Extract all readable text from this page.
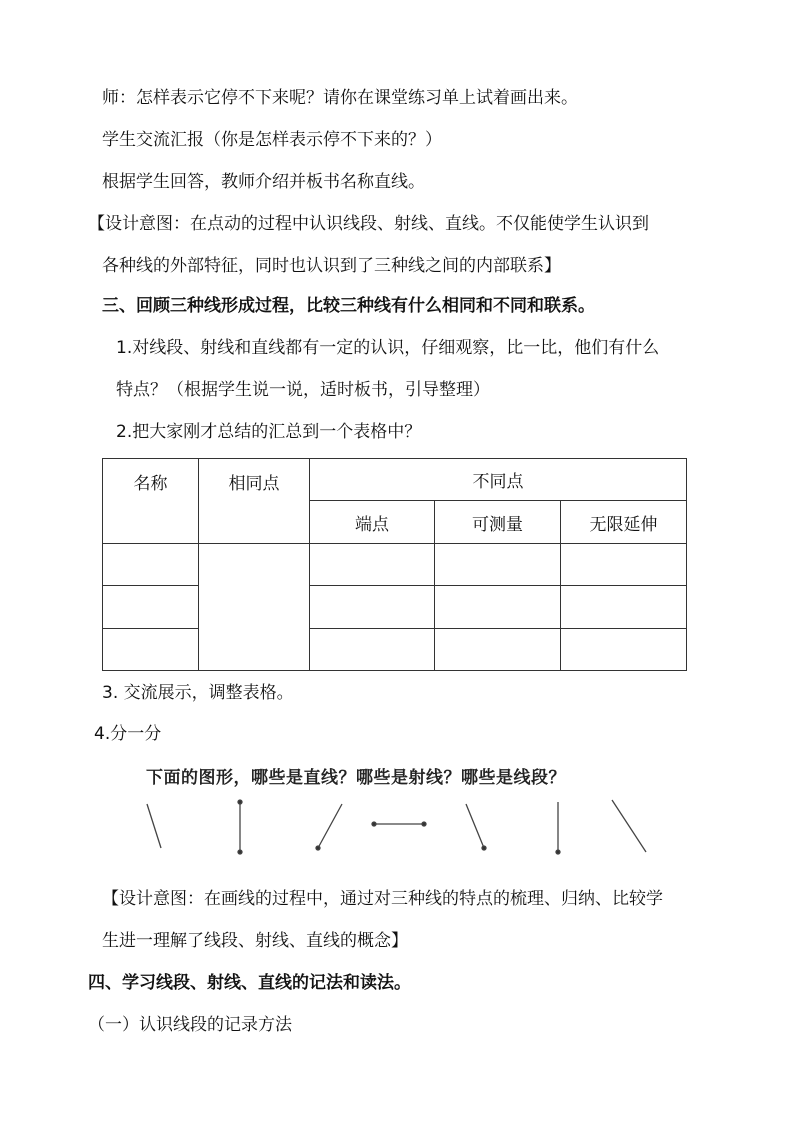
师：怎样表示它停不下来呢？请你在课堂练习单上试着画出来。
学生交流汇报（你是怎样表示停不下来的？）
根据学生回答，教师介绍并板书名称直线。
【设计意图：在点动的过程中认识线段、射线、直线。不仅能使学生认识到
各种线的外部特征，同时也认识到了三种线之间的内部联系】
三、回顾三种线形成过程，比较三种线有什么相同和不同和联系。
1.对线段、射线和直线都有一定的认识，仔细观察，比一比，他们有什么
特点？（根据学生说一说，适时板书，引导整理）
2.把大家刚才总结的汇总到一个表格中？
名称	相同点	不同点		
		端点	可测量	无限延伸

3. 交流展示，调整表格。
4.分一分
下面的图形，哪些是直线？哪些是射线？哪些是线段？
【设计意图：在画线的过程中，通过对三种线的特点的梳理、归纳、比较学
生进一理解了线段、射线、直线的概念】
四、学习线段、射线、直线的记法和读法。
（一）认识线段的记录方法
